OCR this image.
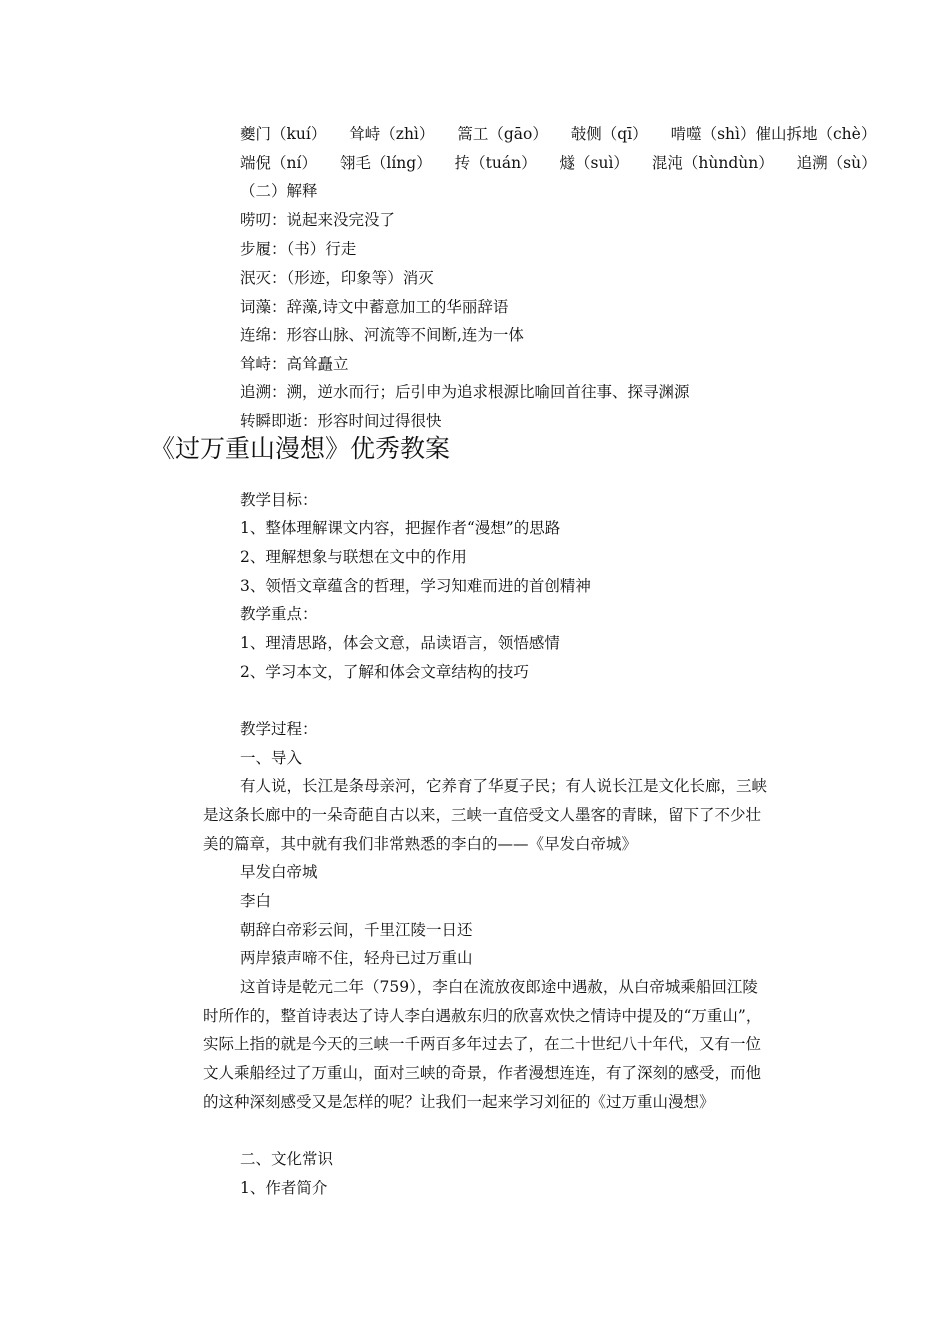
夔门（kuí） 耸峙（zhì） 篙工（gāo） 攲侧（qī） 啃噬（shì）催山拆地（chè）
端倪（ní） 翎毛（líng） 抟（tuán） 燧（suì） 混沌（hùndùn） 追溯（sù）
（二）解释
唠叨：说起来没完没了
步履：（书）行走
泯灭：（形迹，印象等）消灭
词藻：辞藻,诗文中蓄意加工的华丽辞语
连绵：形容山脉、河流等不间断,连为一体
耸峙：高耸矗立
追溯：溯，逆水而行；后引申为追求根源比喻回首往事、探寻渊源
转瞬即逝：形容时间过得很快
《过万重山漫想》优秀教案
教学目标：
1、整体理解课文内容，把握作者“漫想”的思路
2、理解想象与联想在文中的作用
3、领悟文章蕴含的哲理，学习知难而进的首创精神
教学重点：
1、理清思路，体会文意，品读语言，领悟感情
2、学习本文，了解和体会文章结构的技巧
教学过程：
一、导入
有人说，长江是条母亲河，它养育了华夏子民；有人说长江是文化长廊，三峡
是这条长廊中的一朵奇葩自古以来，三峡一直倍受文人墨客的青睐，留下了不少壮
美的篇章，其中就有我们非常熟悉的李白的——《早发白帝城》
早发白帝城
李白
朝辞白帝彩云间，千里江陵一日还
两岸猿声啼不住，轻舟已过万重山
这首诗是乾元二年（759），李白在流放夜郎途中遇赦，从白帝城乘船回江陵
时所作的，整首诗表达了诗人李白遇赦东归的欣喜欢快之情诗中提及的“万重山”，
实际上指的就是今天的三峡一千两百多年过去了，在二十世纪八十年代，又有一位
文人乘船经过了万重山，面对三峡的奇景，作者漫想连连，有了深刻的感受，而他
的这种深刻感受又是怎样的呢？让我们一起来学习刘征的《过万重山漫想》
二、文化常识
1、作者简介
